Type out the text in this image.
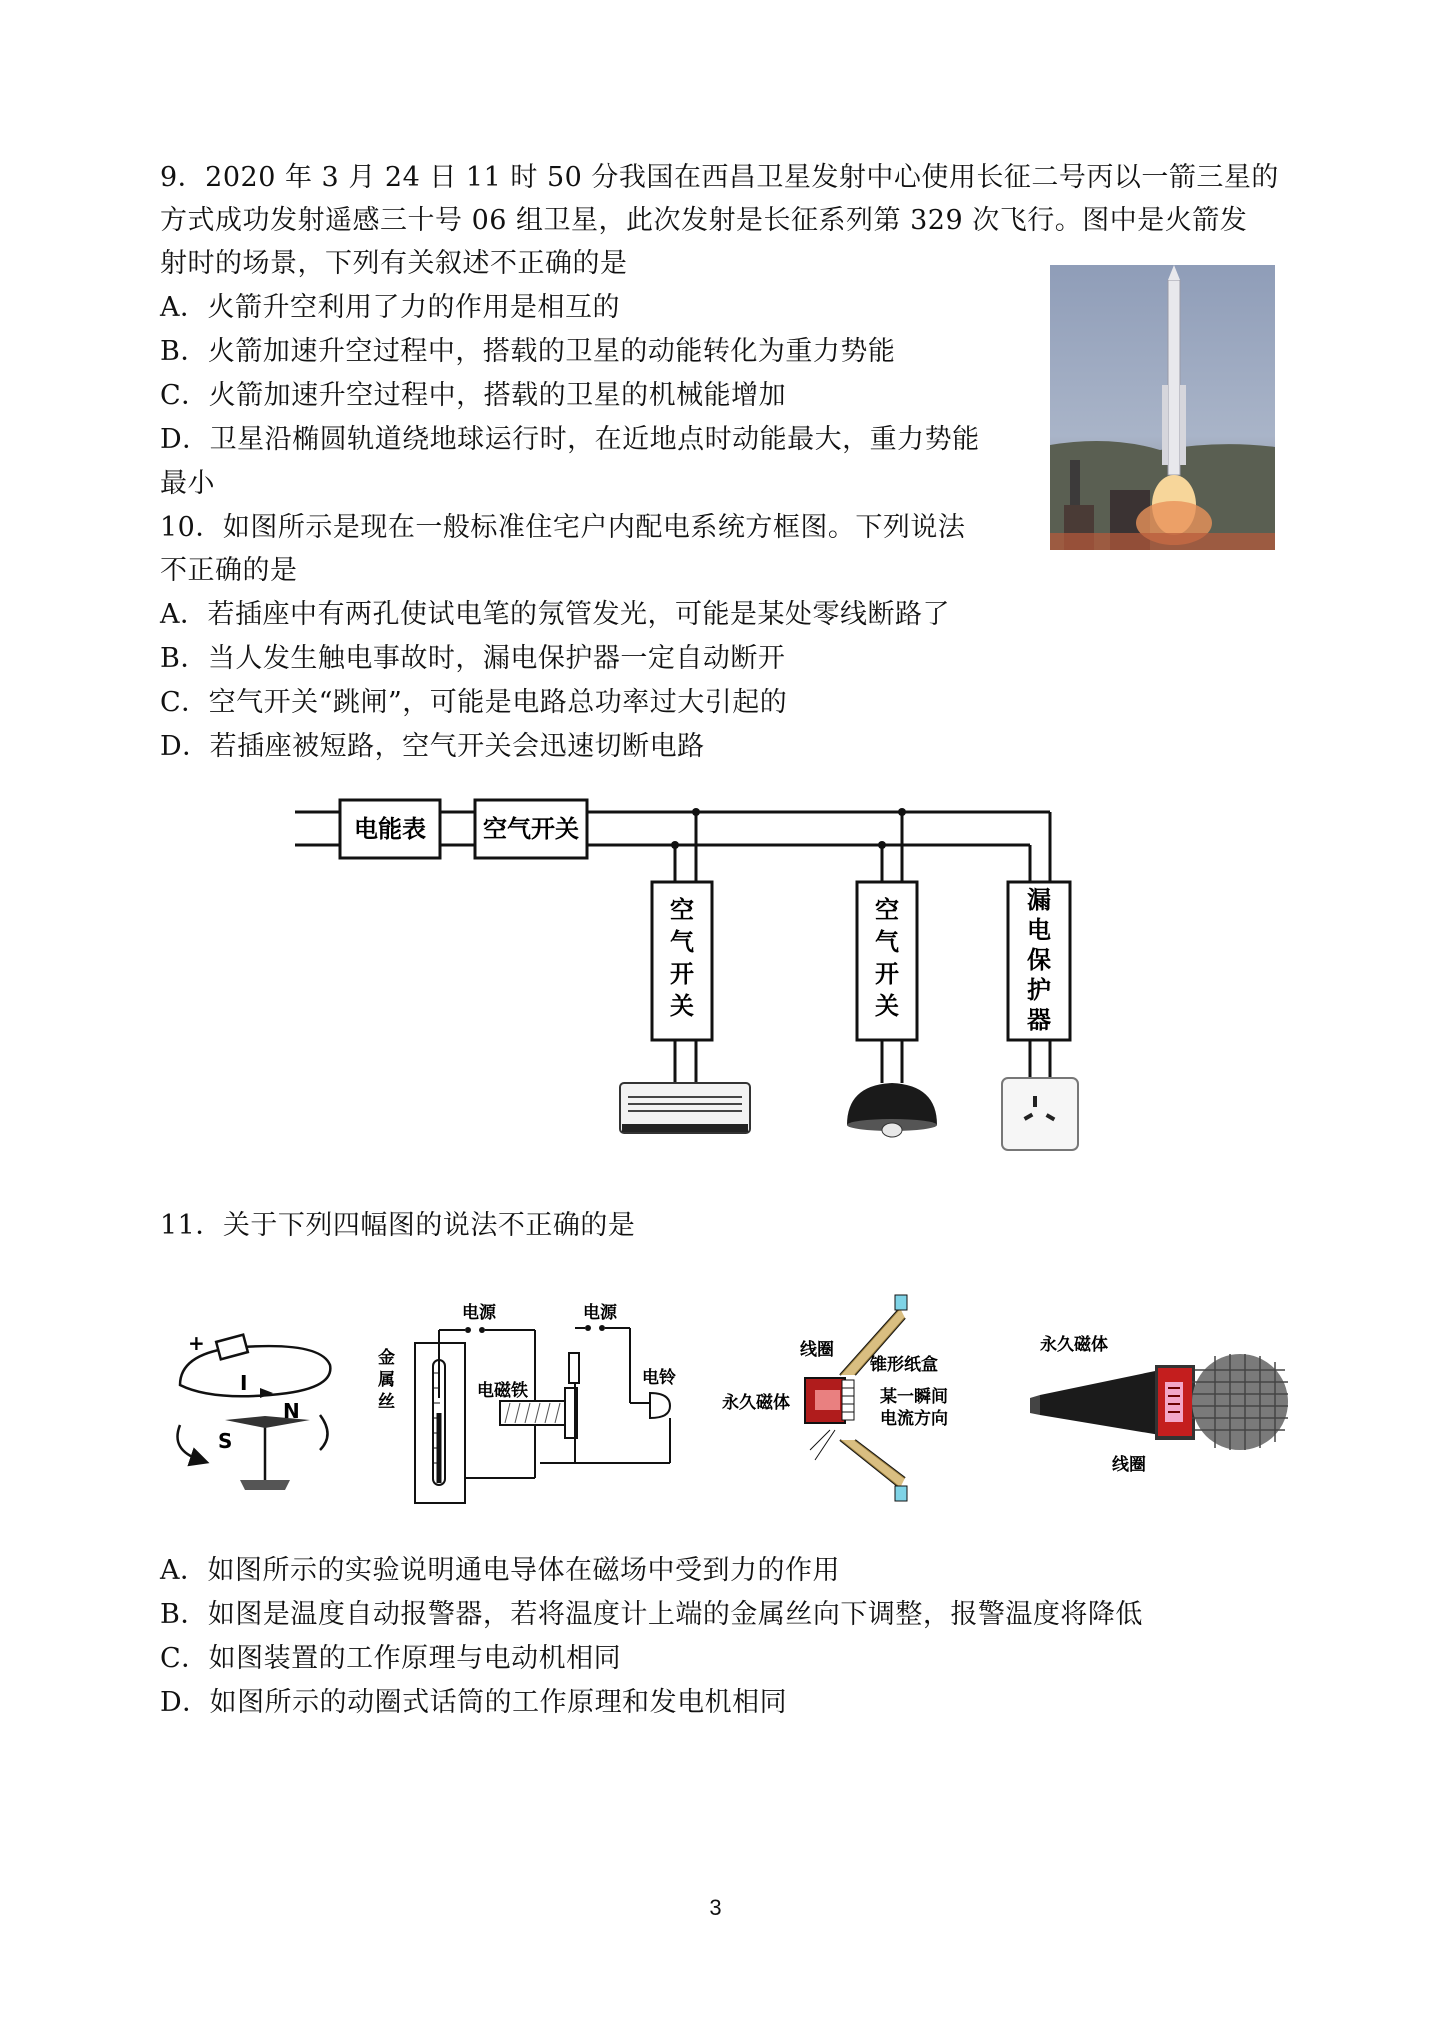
9．2020 年 3 月 24 日 11 时 50 分我国在西昌卫星发射中心使用长征二号丙以一箭三星的
方式成功发射遥感三十号 06 组卫星，此次发射是长征系列第 329 次飞行。图中是火箭发
射时的场景，下列有关叙述不正确的是
A．火箭升空利用了力的作用是相互的
B．火箭加速升空过程中，搭载的卫星的动能转化为重力势能
C．火箭加速升空过程中，搭载的卫星的机械能增加
D．卫星沿椭圆轨道绕地球运行时，在近地点时动能最大，重力势能
最小
10．如图所示是现在一般标准住宅户内配电系统方框图。下列说法
不正确的是
A．若插座中有两孔使试电笔的氖管发光，可能是某处零线断路了
B．当人发生触电事故时，漏电保护器一定自动断开
C．空气开关“跳闸”，可能是电路总功率过大引起的
D．若插座被短路，空气开关会迅速切断电路
电能表 空气开关
空
气
开
关
空
气
开
关
漏
电
保
护
器
11．关于下列四幅图的说法不正确的是
+
I
N
S
电源	电源
金
属
丝
电磁铁
电铃
线圈
锥形纸盒
永久磁体	某一瞬间
电流方向
永久磁体
线圈
A．如图所示的实验说明通电导体在磁场中受到力的作用
B．如图是温度自动报警器，若将温度计上端的金属丝向下调整，报警温度将降低
C．如图装置的工作原理与电动机相同
D．如图所示的动圈式话筒的工作原理和发电机相同
3
